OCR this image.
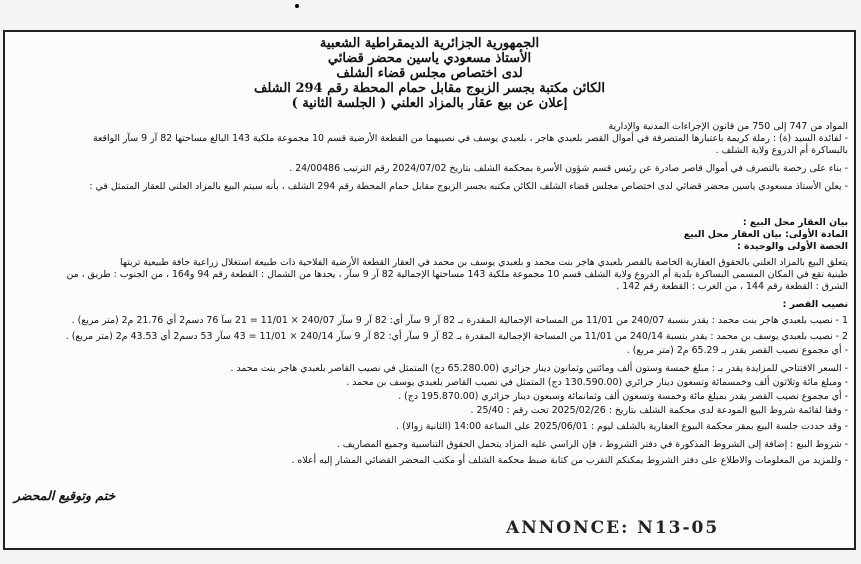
الجمهورية الجزائرية الديمقراطية الشعبية
الأستاذ مسعودي ياسين محضر قضائي
لدى اختصاص مجلس قضاء الشلف
الكائن مكتبة بجسر الزبوج مقابل حمام المحطة رقم 294 الشلف
إعلان عن بيع عقار بالمزاد العلني ( الجلسة الثانية )
المواد من 747 إلى 750 من قانون الإجراءات المدنية والإدارية
- لفائدة السيد (ة) : رملة كريمة باعتبارها المتصرفة في أموال القصر بلعبدي هاجر ، بلعبدي يوسف في نصيبهما من القطعة الأرضية قسم 10 مجموعة ملكية 143 البالغ مساحتها 82 آر 9 سآر الواقعة
بالبساكرة أم الدروع ولاية الشلف .
- بناء على رخصة بالتصرف في أموال قاصر صادرة عن رئيس قسم شؤون الأسرة بمحكمة الشلف بتاريخ 2024/07/02 رقم الترتيب 24/00486 .
- يعلن الأستاذ مسعودي ياسين محضر قضائي لدى اختصاص مجلس قضاء الشلف الكائن مكتبه بجسر الزبوج مقابل حمام المحطة رقم 294 الشلف ، بأنه سيتم البيع بالمزاد العلني للعقار المتمثل في :
بيان العقار محل البيع :
المادة الأولى: بيان العقار محل البيع
الحصة الأولى والوحيدة :
يتعلق البيع بالمزاد العلني بالحقوق العقارية الخاصة بالقصر بلعبدي هاجر بنت محمد و بلعبدي يوسف بن محمد في العقار القطعة الأرضية الفلاحية ذات طبيعة استغلال زراعية جافة طبيعية تربتها
طينية تقع في المكان المسمى البساكرة بلدية أم الدروع ولاية الشلف قسم 10 مجموعة ملكية 143 مساحتها الإجمالية 82 آر 9 سآر ، يحدها من الشمال : القطعة رقم 94 و164 ، من الجنوب : طريق ، من
الشرق : القطعة رقم 144 ، من الغرب : القطعة رقم 142 .
نصيب القصر :
1 - نصيب بلعبدي هاجر بنت محمد : يقدر بنسبة 240/07 من 11/01 من المساحة الإجمالية المقدرة بـ 82 آر 9 سآر أي: 82 آر 9 سآر 240/07 × 11/01 = 21 سآ 76 دسم2 أي 21.76 م2 (متر مربع) .
2 - نصيب بلعبدي يوسف بن محمد : يقدر بنسبة 240/14 من 11/01 من المساحة الإجمالية المقدرة بـ 82 آر 9 سآر أي: 82 آر 9 سآر 240/14 × 11/01 = 43 سآر 53 دسم2 أي 43.53 م2 (متر مربع) .
- أي مجموع نصيب القصر يقدر بـ 65.29 م2 (متر مربع) .
- السعر الافتتاحي للمزايدة يقدر بـ : مبلغ خمسة وستون ألف ومائتين وثمانون دينار جزائري (65.280.00 دج) المتمثل في نصيب القاصر بلعبدي هاجر بنت محمد .
- ومبلغ مائة وثلاثون ألف وخمسمائة وتسعون دينار جزائري (130.590.00 دج) المتمثل في نصيب القاصر بلعبدي يوسف بن محمد .
- أي مجموع نصيب القصر يقدر بمبلغ مائة وخمسة وتسعون ألف وثمانمائة وسبعون دينار جزائري (195.870.00 دج) .
- وفقا لقائمة شروط البيع المودعة لدى محكمة الشلف بتاريخ : 2025/02/26 تحت رقم : 25/40 .
- وقد حددت جلسة البيع بمقر محكمة البيوع العقارية بالشلف ليوم : 2025/06/01 على الساعة 14:00 (الثانية زوالا) .
- شروط البيع : إضافة إلى الشروط المذكورة في دفتر الشروط ، فإن الراسي عليه المزاد يتحمل الحقوق التناسبية وجميع المصاريف .
- وللمزيد من المعلومات والاطلاع على دفتر الشروط يمكنكم التقرب من كتابة ضبط محكمة الشلف أو مكتب المحضر القضائي المشار إليه أعلاه .
ختم وتوقيع المحضر
ANNONCE: N13-05
